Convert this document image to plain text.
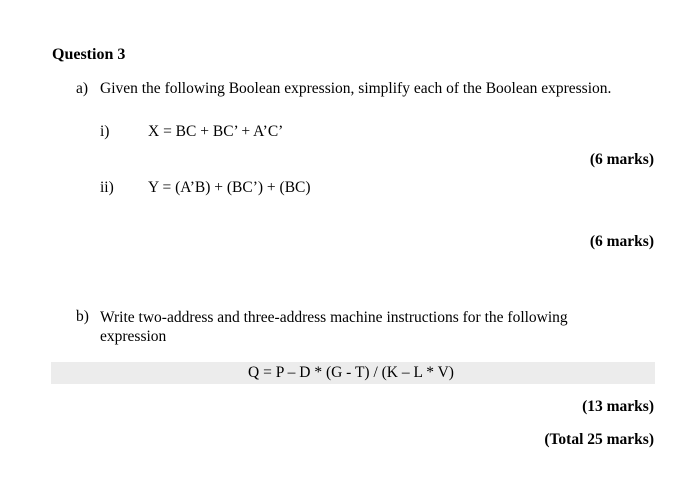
Question 3
a) Given the following Boolean expression, simplify each of the Boolean expression.
i) X = BC + BC’ + A’C’
(6 marks)
ii) Y = (A’B) + (BC’) + (BC)
(6 marks)
b) Write two-address and three-address machine instructions for the following expression
Q = P – D * (G - T) / (K – L * V)
(13 marks)
(Total 25 marks)
